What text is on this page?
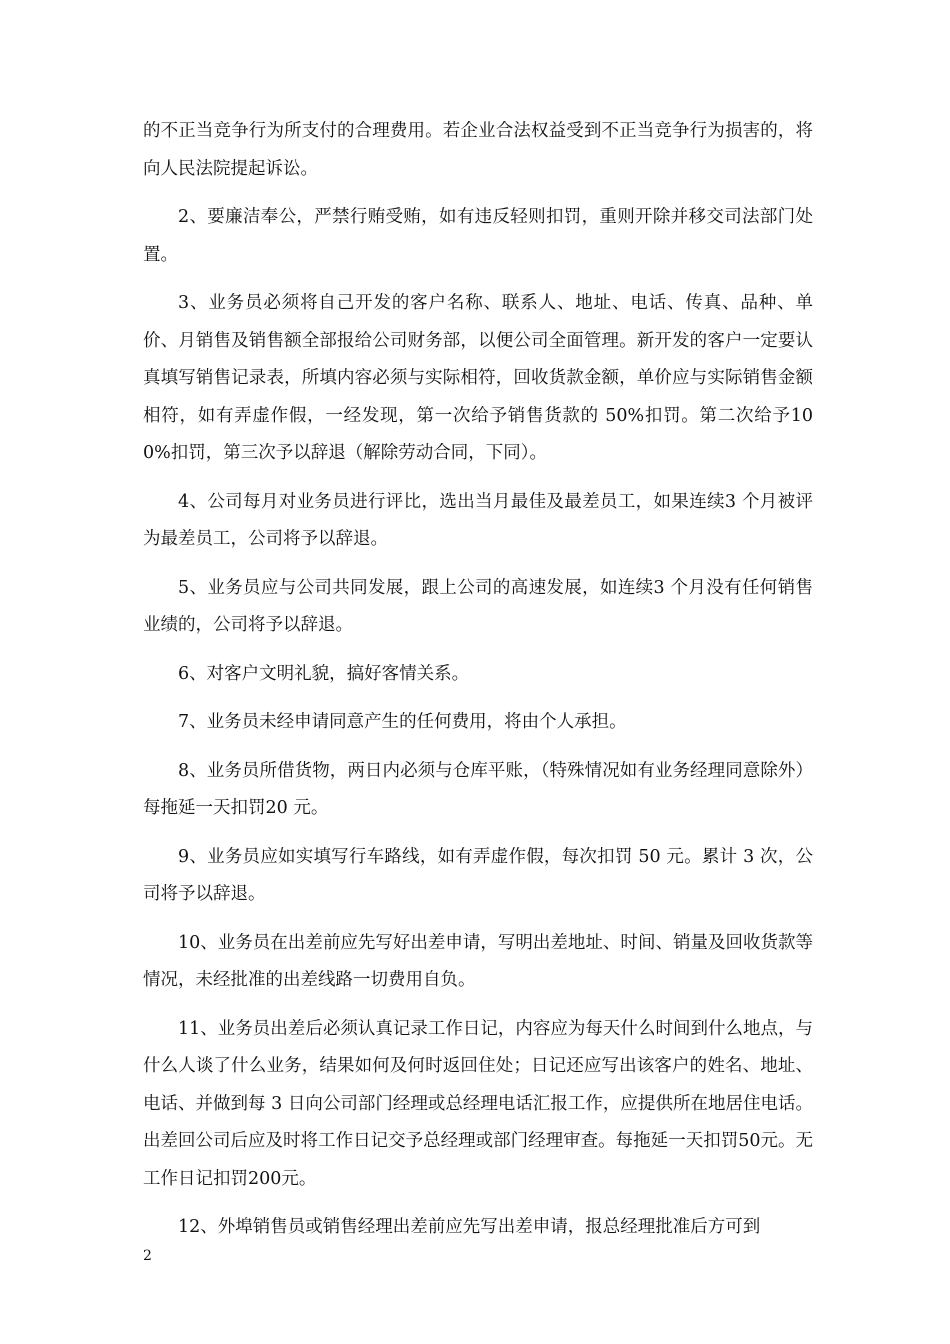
的不正当竞争行为所支付的合理费用。若企业合法权益受到不正当竞争行为损害的，将向人民法院提起诉讼。

2、要廉洁奉公，严禁行贿受贿，如有违反轻则扣罚，重则开除并移交司法部门处置。

3、业务员必须将自己开发的客户名称、联系人、地址、电话、传真、品种、单价、月销售及销售额全部报给公司财务部，以便公司全面管理。新开发的客户一定要认真填写销售记录表，所填内容必须与实际相符，回收货款金额，单价应与实际销售金额相符，如有弄虚作假，一经发现，第一次给予销售货款的 50%扣罚。第二次给予100%扣罚，第三次予以辞退（解除劳动合同，下同）。

4、公司每月对业务员进行评比，选出当月最佳及最差员工，如果连续3 个月被评为最差员工，公司将予以辞退。

5、业务员应与公司共同发展，跟上公司的高速发展，如连续3 个月没有任何销售业绩的，公司将予以辞退。

6、对客户文明礼貌，搞好客情关系。

7、业务员未经申请同意产生的任何费用，将由个人承担。

8、业务员所借货物，两日内必须与仓库平账，（特殊情况如有业务经理同意除外）每拖延一天扣罚20 元。

9、业务员应如实填写行车路线，如有弄虚作假，每次扣罚 50 元。累计 3 次，公司将予以辞退。

10、业务员在出差前应先写好出差申请，写明出差地址、时间、销量及回收货款等情况，未经批准的出差线路一切费用自负。

11、业务员出差后必须认真记录工作日记，内容应为每天什么时间到什么地点，与什么人谈了什么业务，结果如何及何时返回住处；日记还应写出该客户的姓名、地址、电话、并做到每 3 日向公司部门经理或总经理电话汇报工作，应提供所在地居住电话。出差回公司后应及时将工作日记交予总经理或部门经理审查。每拖延一天扣罚50元。无工作日记扣罚200元。

12、外埠销售员或销售经理出差前应先写出差申请，报总经理批准后方可到

2
